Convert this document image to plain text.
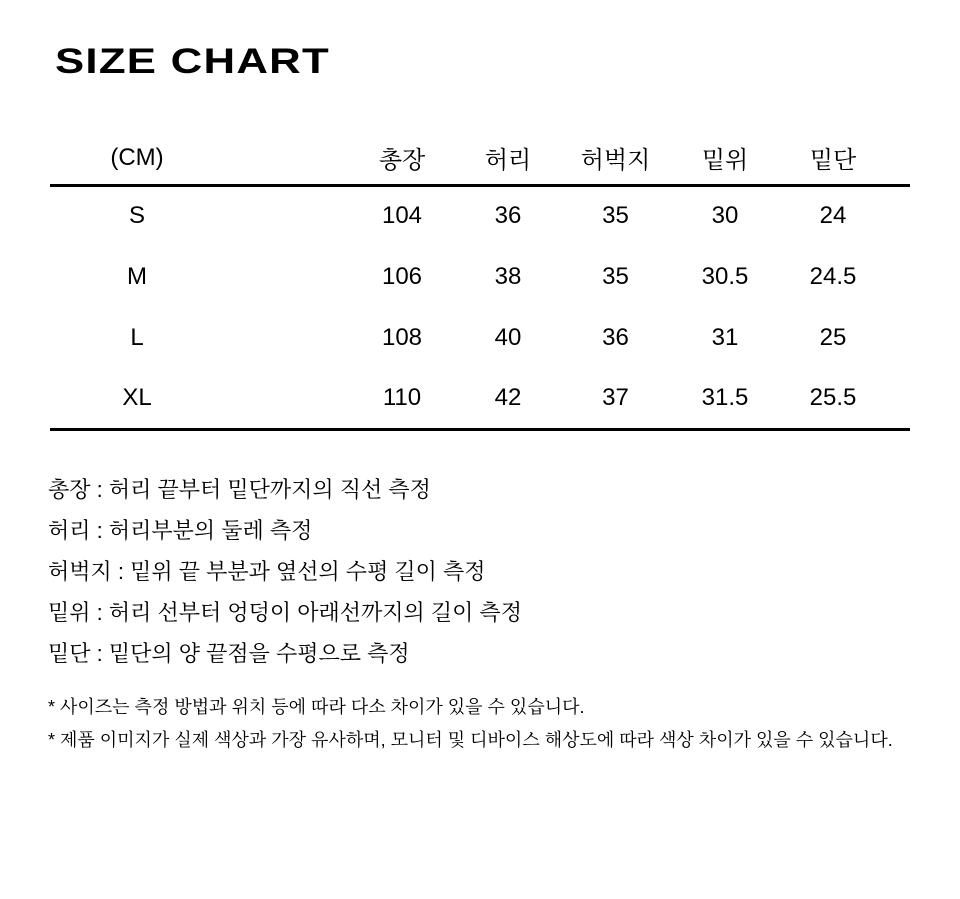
SIZE CHART
(CM)	총장	허리	허벅지	밑위	밑단
S	104	36	35	30	24
M	106	38	35	30.5	24.5
L	108	40	36	31	25
XL	110	42	37	31.5	25.5
총장 : 허리 끝부터 밑단까지의 직선 측정
허리 : 허리부분의 둘레 측정
허벅지 : 밑위 끝 부분과 옆선의 수평 길이 측정
밑위 : 허리 선부터 엉덩이 아래선까지의 길이 측정
밑단 : 밑단의 양 끝점을 수평으로 측정

* 사이즈는 측정 방법과 위치 등에 따라 다소 차이가 있을 수 있습니다.

* 제품 이미지가 실제 색상과 가장 유사하며, 모니터 및 디바이스 해상도에 따라 색상 차이가 있을 수 있습니다.
